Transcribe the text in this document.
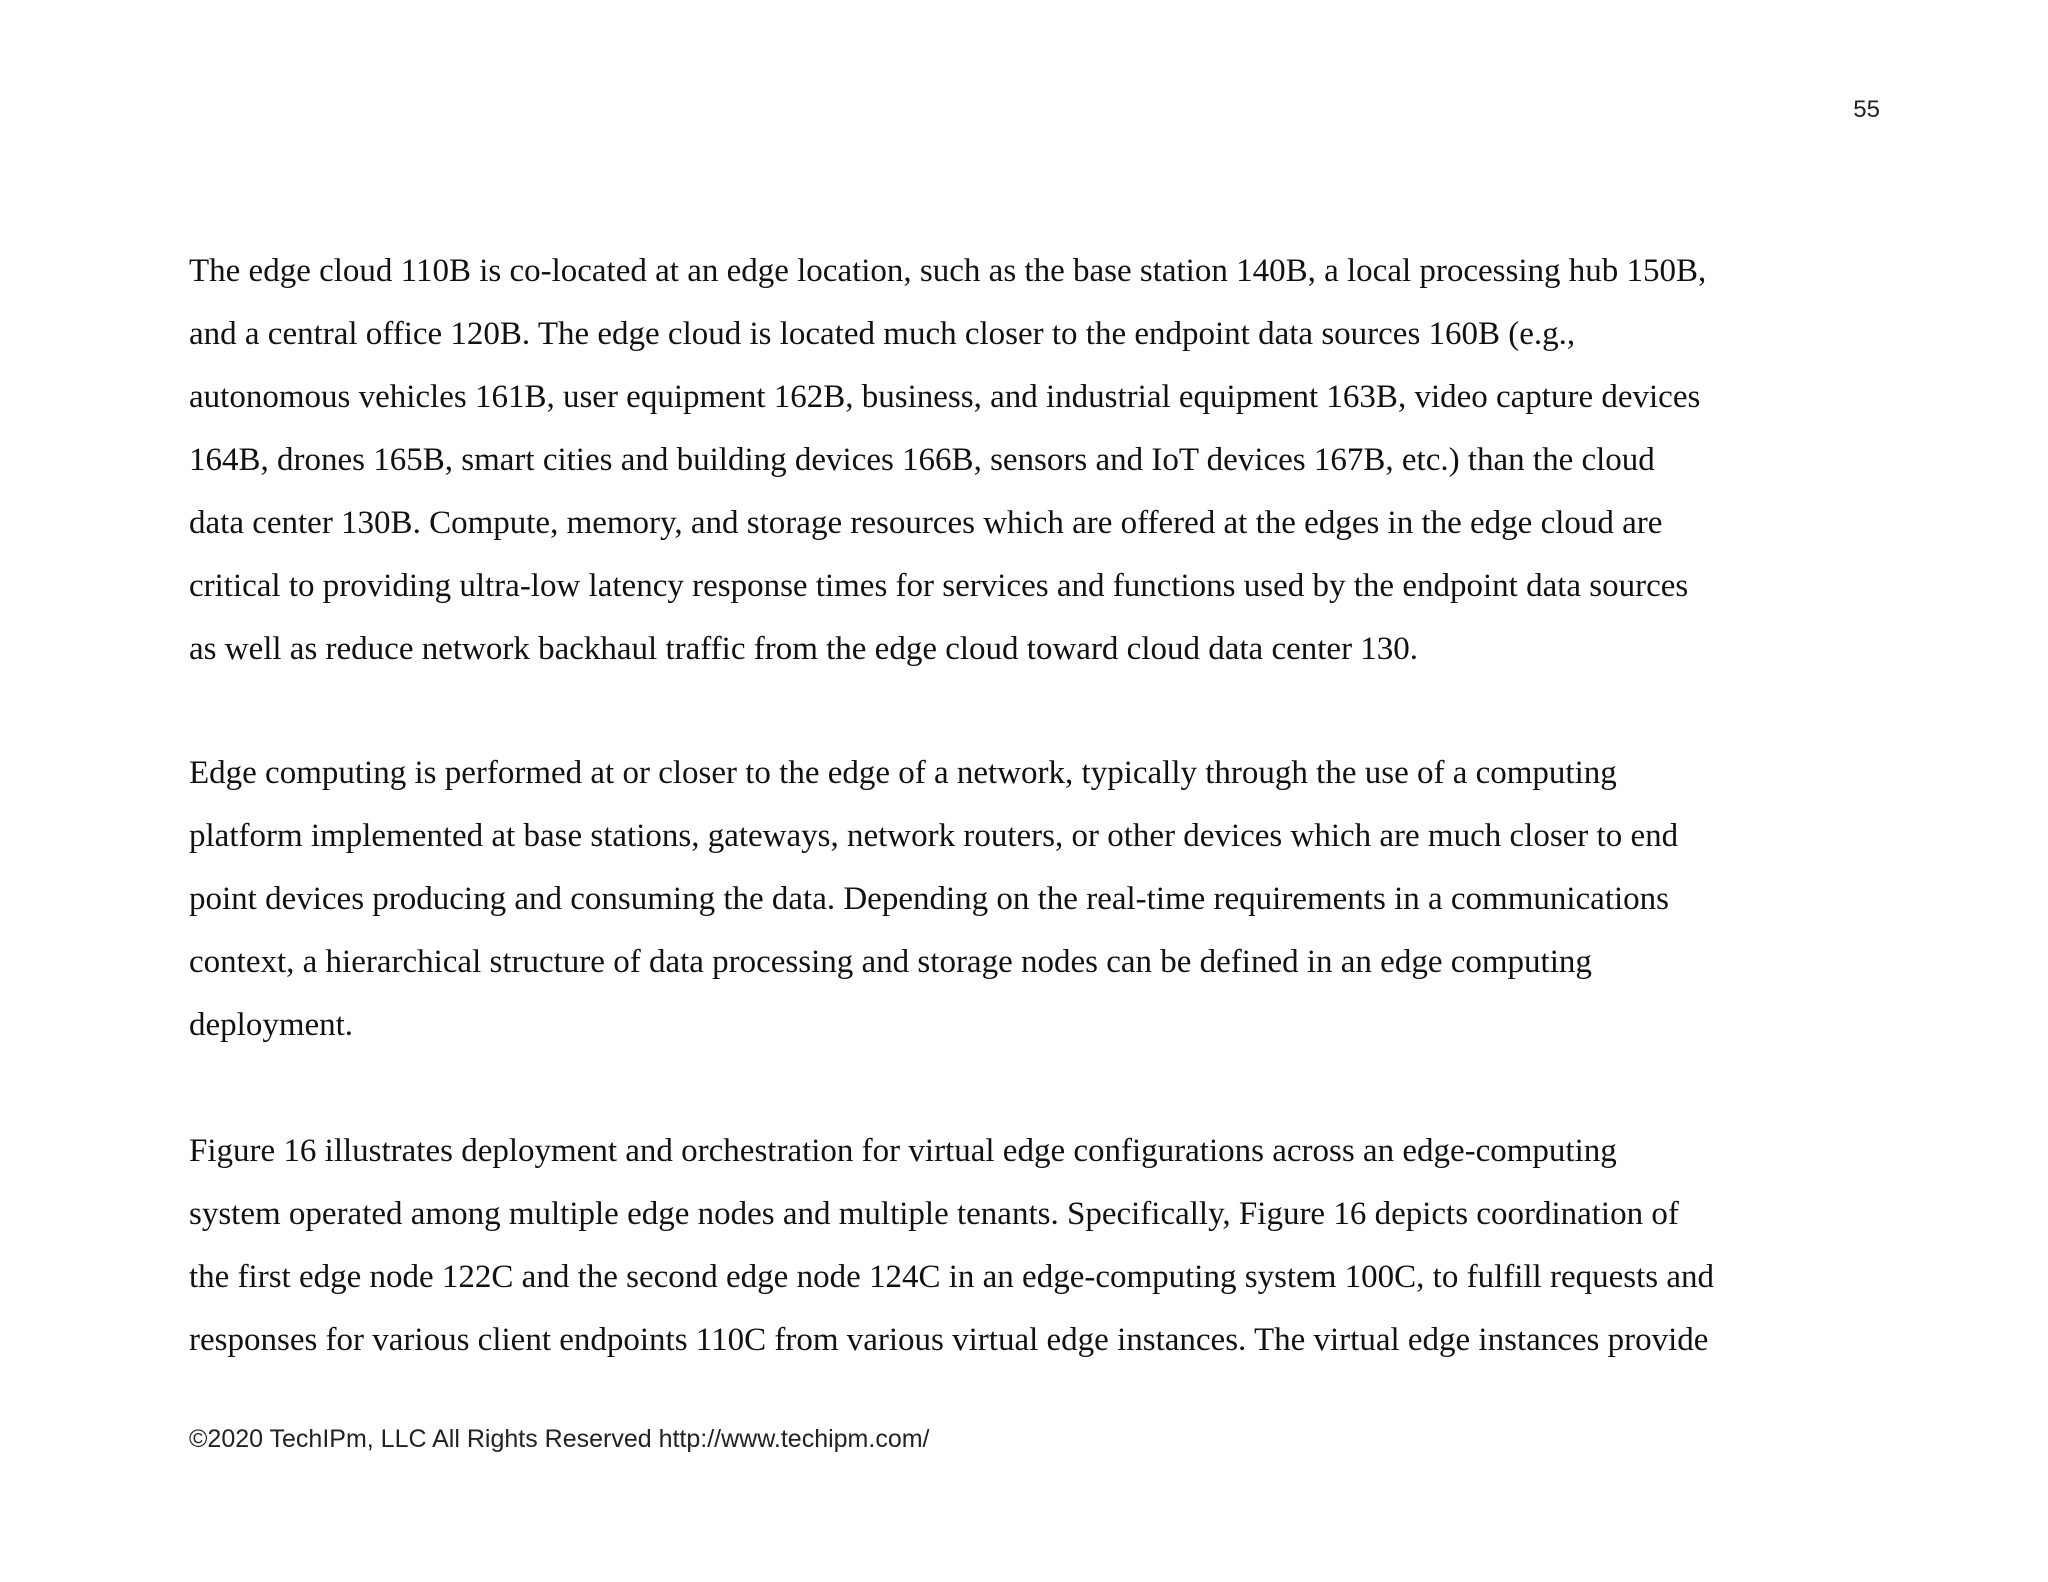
55
The edge cloud 110B is co-located at an edge location, such as the base station 140B, a local processing hub 150B,
and a central office 120B. The edge cloud is located much closer to the endpoint data sources 160B (e.g.,
autonomous vehicles 161B, user equipment 162B, business, and industrial equipment 163B, video capture devices
164B, drones 165B, smart cities and building devices 166B, sensors and IoT devices 167B, etc.) than the cloud
data center 130B. Compute, memory, and storage resources which are offered at the edges in the edge cloud are
critical to providing ultra-low latency response times for services and functions used by the endpoint data sources
as well as reduce network backhaul traffic from the edge cloud toward cloud data center 130.
Edge computing is performed at or closer to the edge of a network, typically through the use of a computing
platform implemented at base stations, gateways, network routers, or other devices which are much closer to end
point devices producing and consuming the data. Depending on the real-time requirements in a communications
context, a hierarchical structure of data processing and storage nodes can be defined in an edge computing
deployment.
Figure 16 illustrates deployment and orchestration for virtual edge configurations across an edge-computing
system operated among multiple edge nodes and multiple tenants. Specifically, Figure 16 depicts coordination of
the first edge node 122C and the second edge node 124C in an edge-computing system 100C, to fulfill requests and
responses for various client endpoints 110C from various virtual edge instances. The virtual edge instances provide
©2020 TechIPm, LLC All Rights Reserved http://www.techipm.com/
